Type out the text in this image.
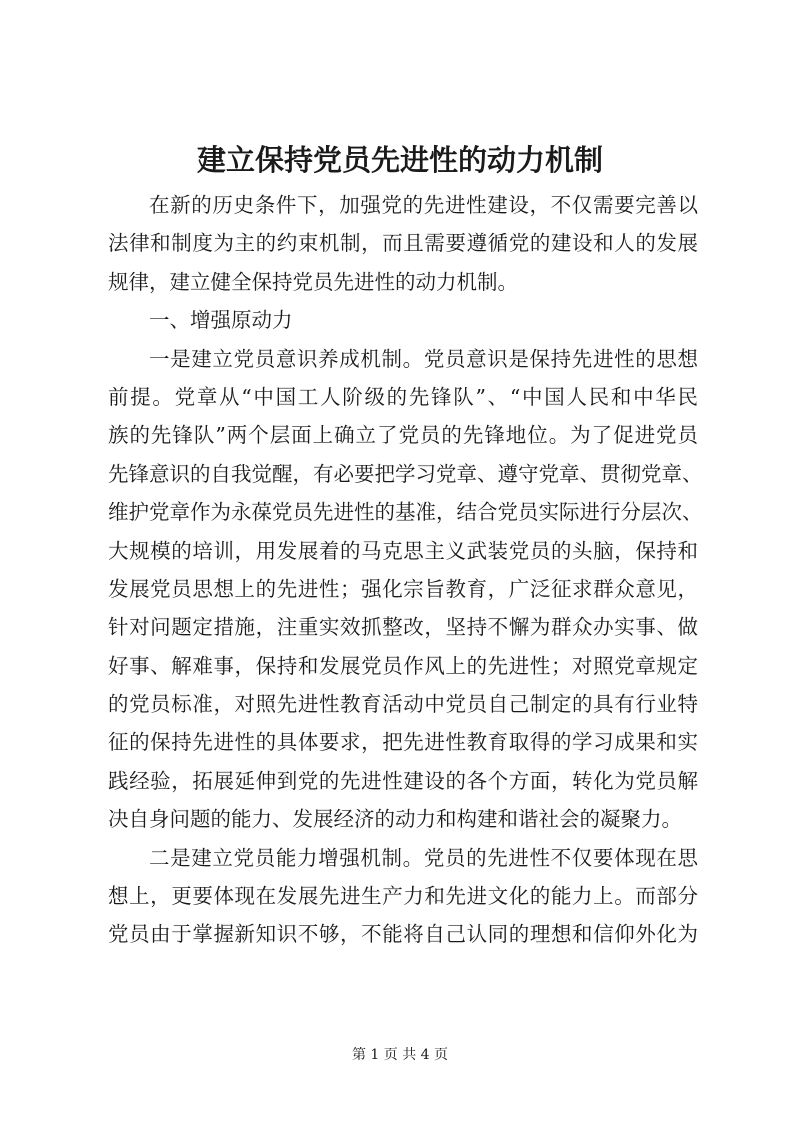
建立保持党员先进性的动力机制
在新的历史条件下，加强党的先进性建设，不仅需要完善以
法律和制度为主的约束机制，而且需要遵循党的建设和人的发展
规律，建立健全保持党员先进性的动力机制。
一、增强原动力
一是建立党员意识养成机制。党员意识是保持先进性的思想
前提。党章从“中国工人阶级的先锋队”、“中国人民和中华民
族的先锋队”两个层面上确立了党员的先锋地位。为了促进党员
先锋意识的自我觉醒，有必要把学习党章、遵守党章、贯彻党章、
维护党章作为永葆党员先进性的基准，结合党员实际进行分层次、
大规模的培训，用发展着的马克思主义武装党员的头脑，保持和
发展党员思想上的先进性；强化宗旨教育，广泛征求群众意见，
针对问题定措施，注重实效抓整改，坚持不懈为群众办实事、做
好事、解难事，保持和发展党员作风上的先进性；对照党章规定
的党员标准，对照先进性教育活动中党员自己制定的具有行业特
征的保持先进性的具体要求，把先进性教育取得的学习成果和实
践经验，拓展延伸到党的先进性建设的各个方面，转化为党员解
决自身问题的能力、发展经济的动力和构建和谐社会的凝聚力。
二是建立党员能力增强机制。党员的先进性不仅要体现在思
想上，更要体现在发展先进生产力和先进文化的能力上。而部分
党员由于掌握新知识不够，不能将自己认同的理想和信仰外化为
第 1 页 共 4 页
